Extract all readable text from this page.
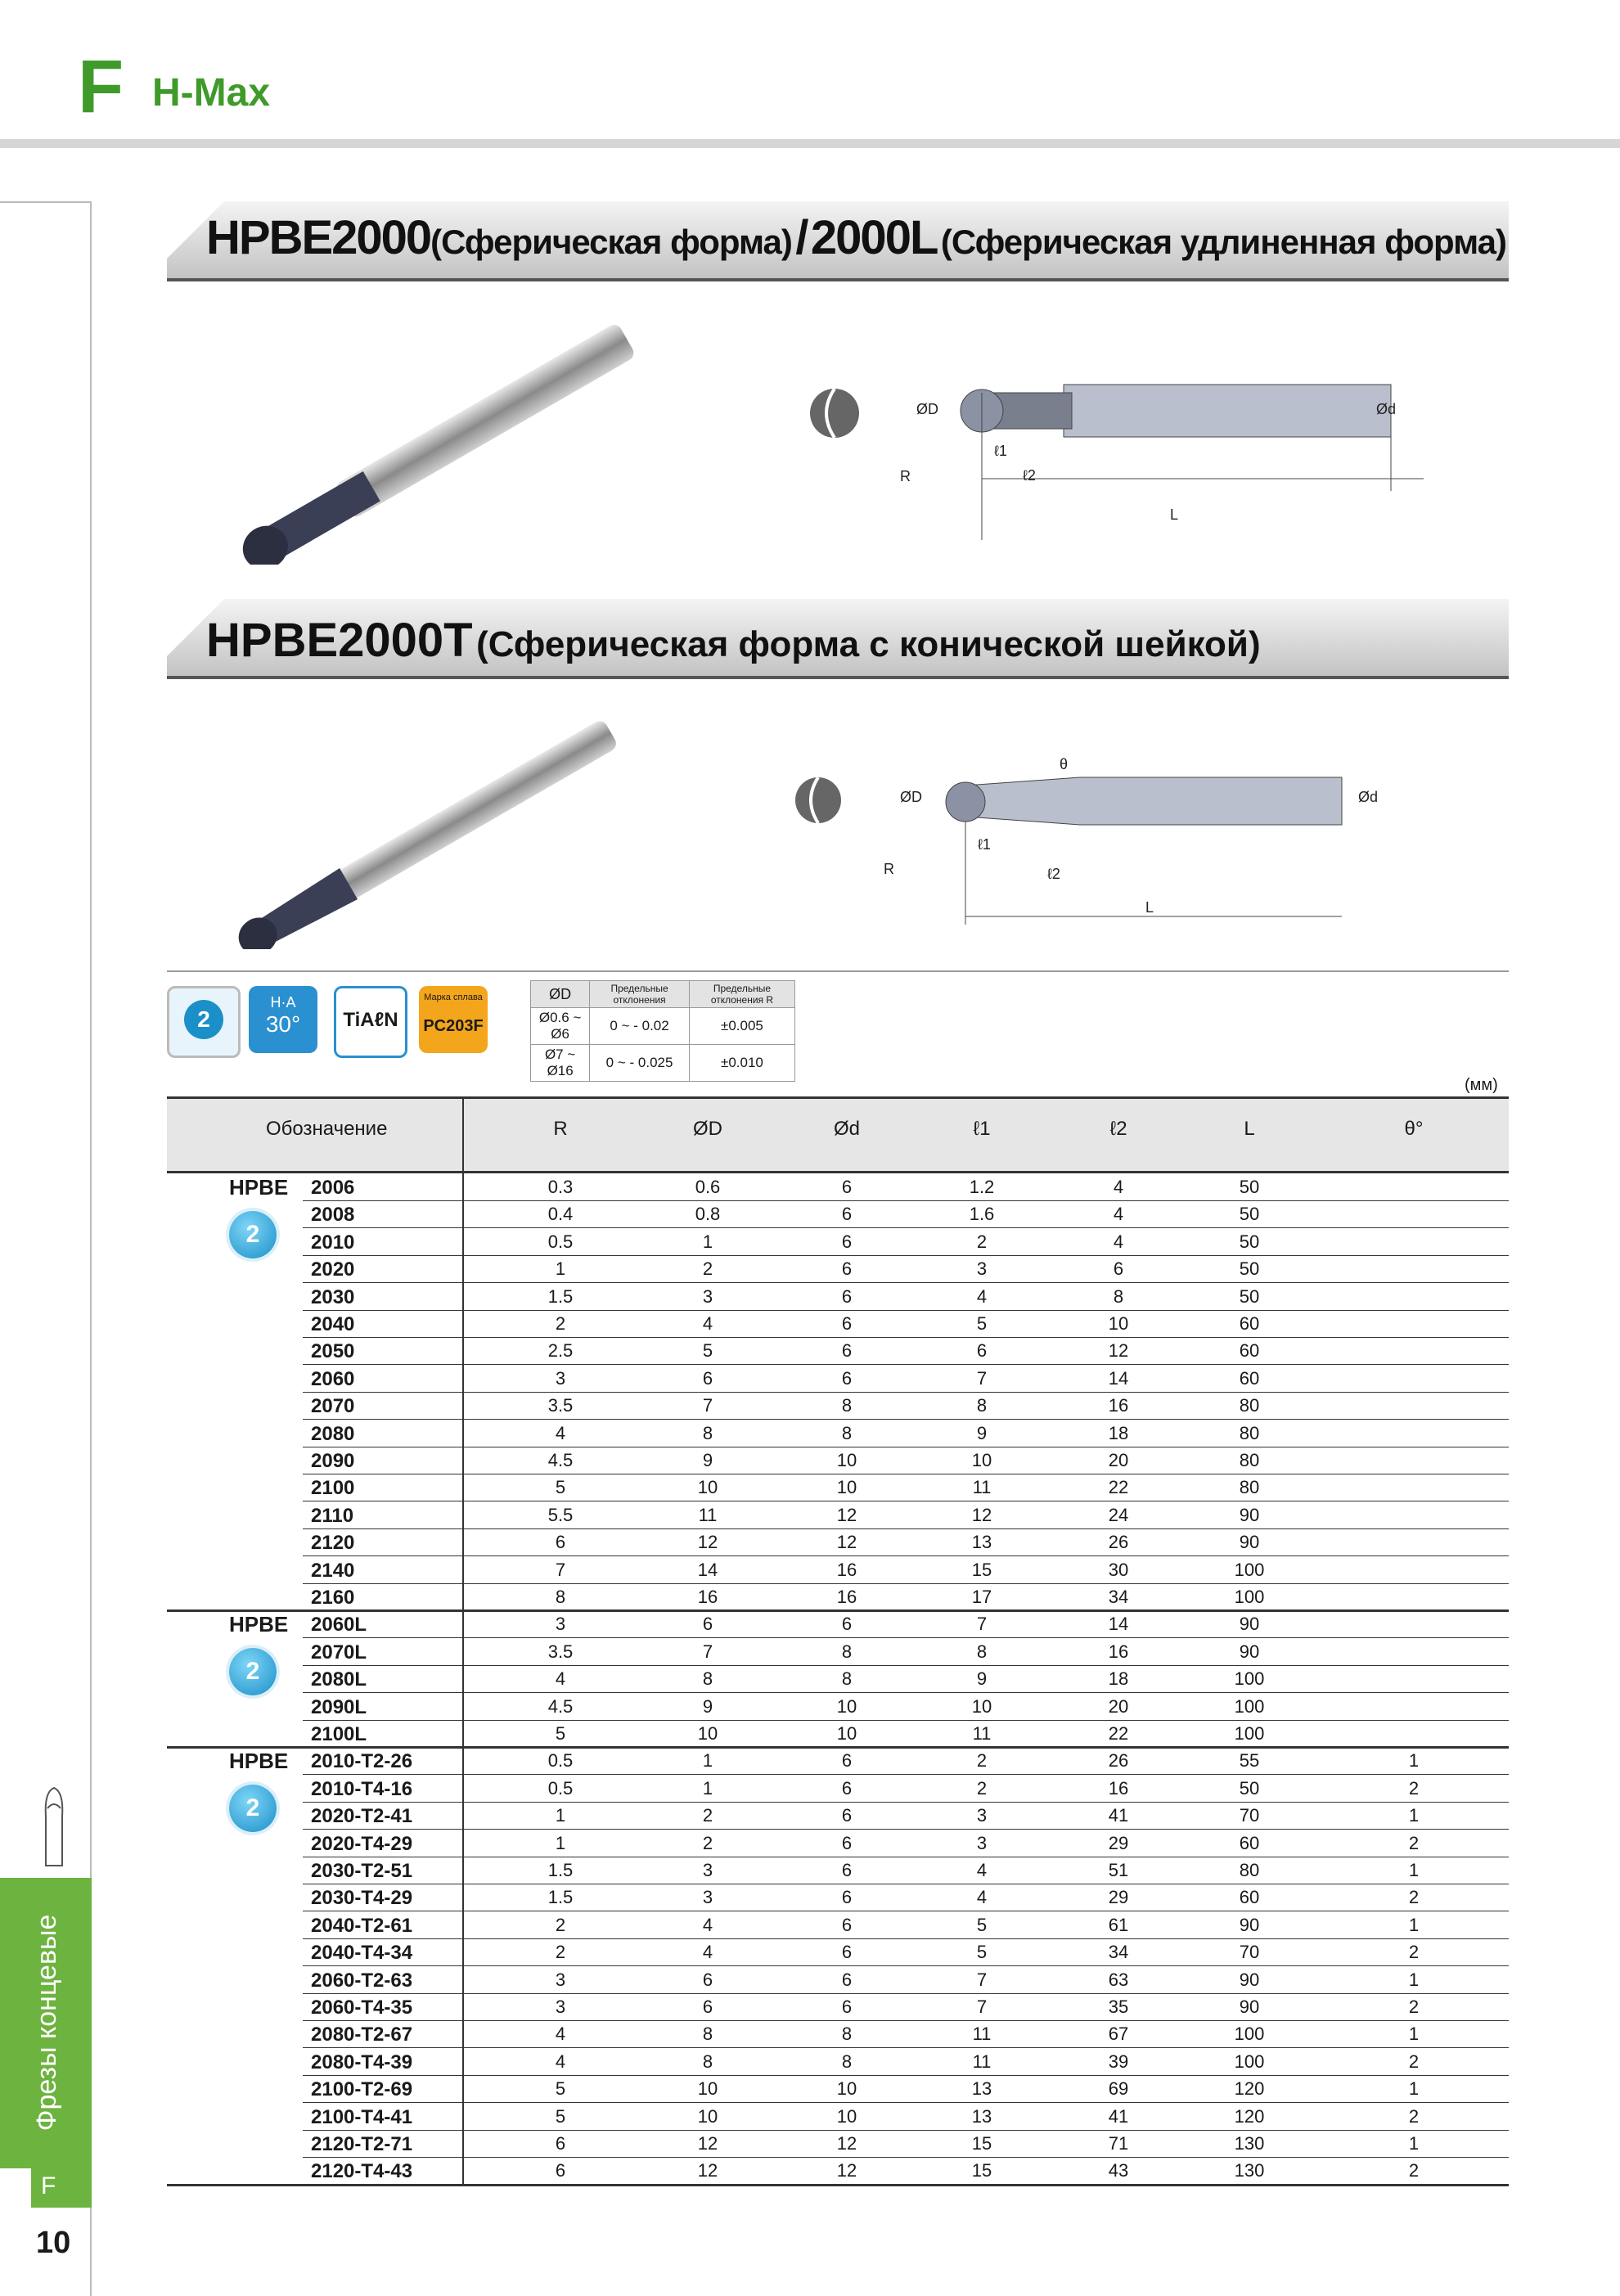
F H-Max
Фрезы концевые
F
10
HPBE2000(Сферическая форма) / 2000L (Сферическая удлиненная форма)
ØD	Ød
R
ℓ1
ℓ2
L
HPBE2000T (Сферическая форма с конической шейкой)
ØD	Ød
R
ℓ1
ℓ2
L
θ
2
H·A
30°	TiAℓN
Марка сплава
PC203F
ØD	Предельные отклонения	Предельные отклонения R
Ø0.6 ~ Ø6	0 ~ - 0.02	±0.005
Ø7 ~ Ø16	0 ~ - 0.025	±0.010
(мм)
Обозначение	R	ØD	Ød	ℓ1	ℓ2	L	θ°
HPBE
2
2006	0.3	0.6	6	1.2	4	50
2008	0.4	0.8	6	1.6	4	50
2010	0.5	1	6	2	4	50
2020	1	2	6	3	6	50
2030	1.5	3	6	4	8	50
2040	2	4	6	5	10	60
2050	2.5	5	6	6	12	60
2060	3	6	6	7	14	60
2070	3.5	7	8	8	16	80
2080	4	8	8	9	18	80
2090	4.5	9	10	10	20	80
2100	5	10	10	11	22	80
2110	5.5	11	12	12	24	90
2120	6	12	12	13	26	90
2140	7	14	16	15	30	100
2160	8	16	16	17	34	100
HPBE
2
2060L	3	6	6	7	14	90
2070L	3.5	7	8	8	16	90
2080L	4	8	8	9	18	100
2090L	4.5	9	10	10	20	100
2100L	5	10	10	11	22	100
HPBE
2
2010-T2-26	0.5	1	6	2	26	55	1
2010-T4-16	0.5	1	6	2	16	50	2
2020-T2-41	1	2	6	3	41	70	1
2020-T4-29	1	2	6	3	29	60	2
2030-T2-51	1.5	3	6	4	51	80	1
2030-T4-29	1.5	3	6	4	29	60	2
2040-T2-61	2	4	6	5	61	90	1
2040-T4-34	2	4	6	5	34	70	2
2060-T2-63	3	6	6	7	63	90	1
2060-T4-35	3	6	6	7	35	90	2
2080-T2-67	4	8	8	11	67	100	1
2080-T4-39	4	8	8	11	39	100	2
2100-T2-69	5	10	10	13	69	120	1
2100-T4-41	5	10	10	13	41	120	2
2120-T2-71	6	12	12	15	71	130	1
2120-T4-43	6	12	12	15	43	130	2
